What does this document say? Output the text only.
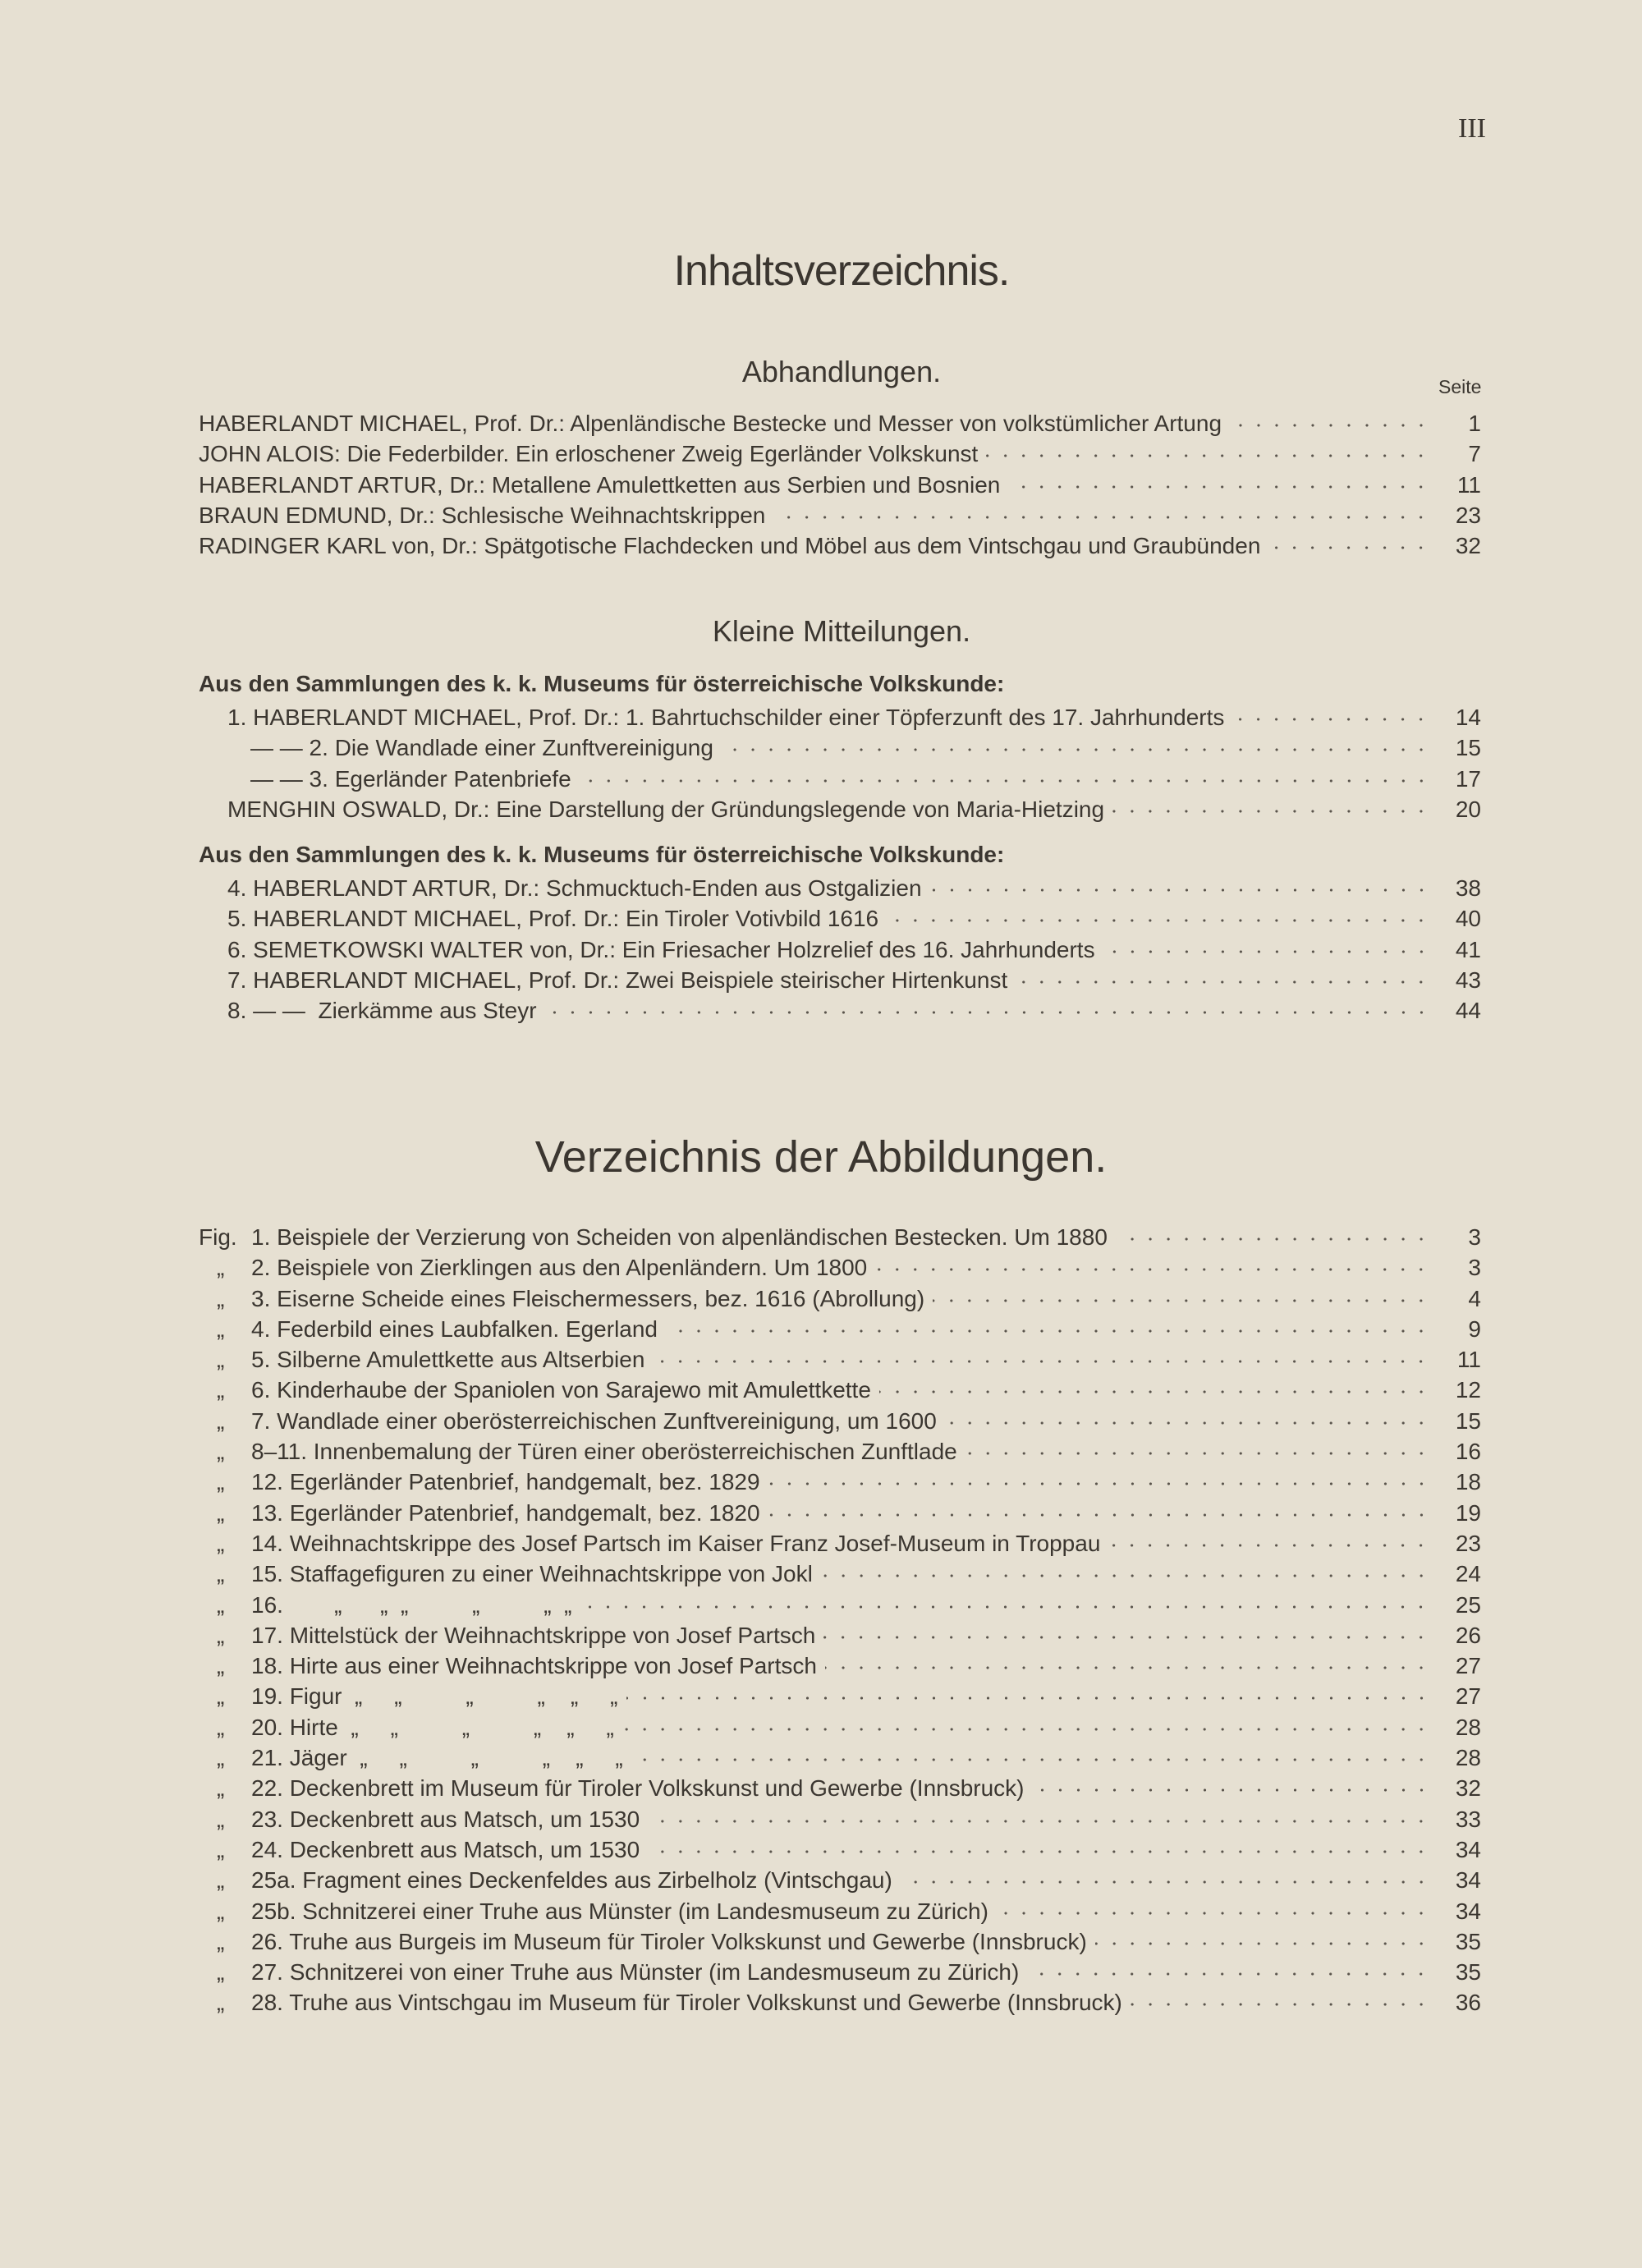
III
Inhaltsverzeichnis.
Abhandlungen.	Seite
HABERLANDT MICHAEL, Prof. Dr.: Alpenländische Bestecke und Messer von volkstümlicher Artung	1
JOHN ALOIS: Die Federbilder. Ein erloschener Zweig Egerländer Volkskunst	7
HABERLANDT ARTUR, Dr.: Metallene Amulettketten aus Serbien und Bosnien	11
BRAUN EDMUND, Dr.: Schlesische Weihnachtskrippen	23
RADINGER KARL von, Dr.: Spätgotische Flachdecken und Möbel aus dem Vintschgau und Graubünden	32
Kleine Mitteilungen.
Aus den Sammlungen des k. k. Museums für österreichische Volkskunde:
1. HABERLANDT MICHAEL, Prof. Dr.: 1. Bahrtuchschilder einer Töpferzunft des 17. Jahrhunderts	14
— — 2. Die Wandlade einer Zunftvereinigung	15
— — 3. Egerländer Patenbriefe	17
MENGHIN OSWALD, Dr.: Eine Darstellung der Gründungslegende von Maria-Hietzing	20
Aus den Sammlungen des k. k. Museums für österreichische Volkskunde:
4. HABERLANDT ARTUR, Dr.: Schmucktuch-Enden aus Ostgalizien	38
5. HABERLANDT MICHAEL, Prof. Dr.: Ein Tiroler Votivbild 1616	40
6. SEMETKOWSKI WALTER von, Dr.: Ein Friesacher Holzrelief des 16. Jahrhunderts	41
7. HABERLANDT MICHAEL, Prof. Dr.: Zwei Beispiele steirischer Hirtenkunst	43
8. — —  Zierkämme aus Steyr	44
Verzeichnis der Abbildungen.
Fig. 1. Beispiele der Verzierung von Scheiden von alpenländischen Bestecken. Um 1880	3
„	2. Beispiele von Zierklingen aus den Alpenländern. Um 1800	3
„	3. Eiserne Scheide eines Fleischermessers, bez. 1616 (Abrollung)	4
„	4. Federbild eines Laubfalken. Egerland	9
„	5. Silberne Amulettkette aus Altserbien	11
„	6. Kinderhaube der Spaniolen von Sarajewo mit Amulettkette	12
„	7. Wandlade einer oberösterreichischen Zunftvereinigung, um 1600	15
„	8–11. Innenbemalung der Türen einer oberösterreichischen Zunftlade	16
„	12. Egerländer Patenbrief, handgemalt, bez. 1829	18
„	13. Egerländer Patenbrief, handgemalt, bez. 1820	19
„	14. Weihnachtskrippe des Josef Partsch im Kaiser Franz Josef-Museum in Troppau	23
„	15. Staffagefiguren zu einer Weihnachtskrippe von Jokl	24
„	16.        „      „  „          „          „  „	25
„	17. Mittelstück der Weihnachtskrippe von Josef Partsch	26
„	18. Hirte aus einer Weihnachtskrippe von Josef Partsch	27
„	19. Figur  „     „          „          „    „     „	27
„	20. Hirte  „     „          „          „    „     „	28
„	21. Jäger  „     „          „          „    „     „	28
„	22. Deckenbrett im Museum für Tiroler Volkskunst und Gewerbe (Innsbruck)	32
„	23. Deckenbrett aus Matsch, um 1530	33
„	24. Deckenbrett aus Matsch, um 1530	34
„	25a. Fragment eines Deckenfeldes aus Zirbelholz (Vintschgau)	34
„	25b. Schnitzerei einer Truhe aus Münster (im Landesmuseum zu Zürich)	34
„	26. Truhe aus Burgeis im Museum für Tiroler Volkskunst und Gewerbe (Innsbruck)	35
„	27. Schnitzerei von einer Truhe aus Münster (im Landesmuseum zu Zürich)	35
„	28. Truhe aus Vintschgau im Museum für Tiroler Volkskunst und Gewerbe (Innsbruck)	36
